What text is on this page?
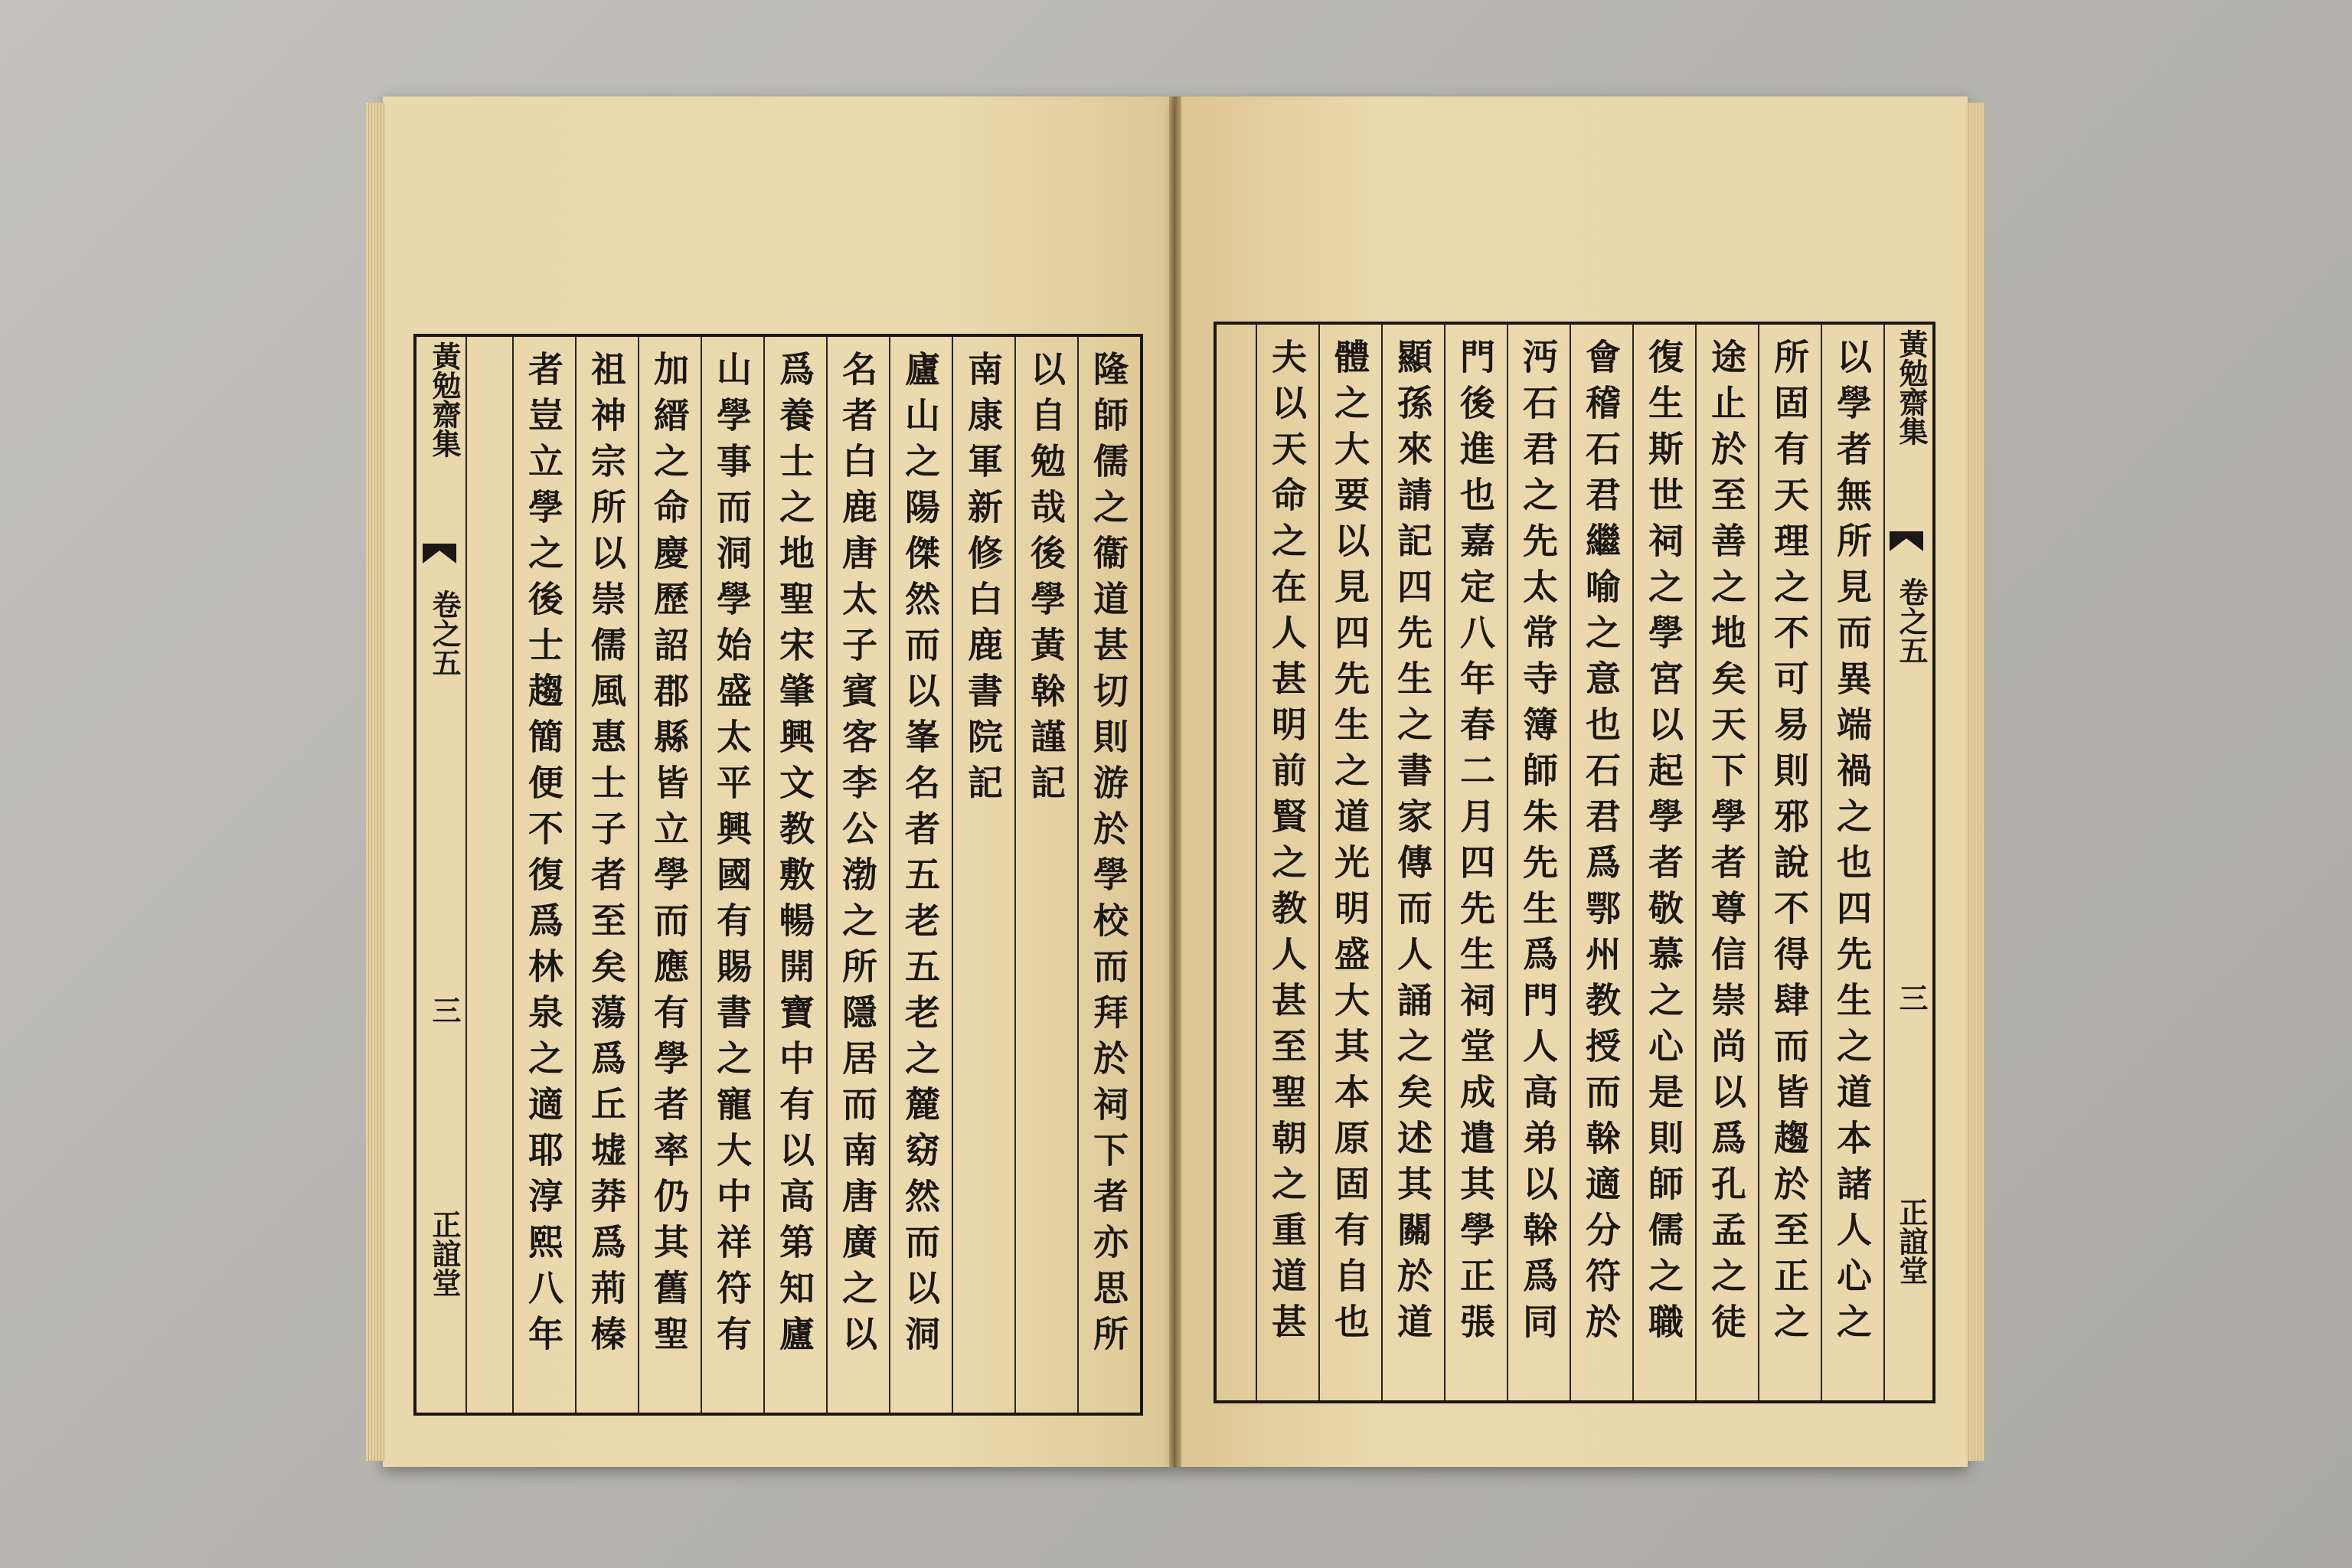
隆師儒之衞道甚切則游於學校而拜於祠下者亦思所
以自勉哉後學黃榦謹記
南康軍新修白鹿書院記
廬山之陽傑然而以峯名者五老五老之麓窈然而以洞
名者白鹿唐太子賓客李公渤之所隱居而南唐廣之以
爲養士之地聖宋肇興文教敷暢開寶中有以高第知廬
山學事而洞學始盛太平興國有賜書之寵大中祥符有
加縉之命慶歷詔郡縣皆立學而應有學者率仍其舊聖
祖神宗所以崇儒風惠士子者至矣蕩爲丘墟莽爲荊榛
者豈立學之後士趨簡便不復爲林泉之適耶淳熙八年
黃勉齋集
卷之五
三
正誼堂	以學者無所見而異端禍之也四先生之道本諸人心之
所固有天理之不可易則邪說不得肆而皆趨於至正之
途止於至善之地矣天下學者尊信崇尚以爲孔孟之徒
復生斯世祠之學宮以起學者敬慕之心是則師儒之職
會稽石君繼喻之意也石君爲鄂州教授而榦適分符於
沔石君之先太常寺簿師朱先生爲門人高弟以榦爲同
門後進也嘉定八年春二月四先生祠堂成遣其學正張
顯孫來請記四先生之書家傳而人誦之矣述其關於道
體之大要以見四先生之道光明盛大其本原固有自也
夫以天命之在人甚明前賢之教人甚至聖朝之重道甚	黃勉齋集
卷之五
三
正誼堂
